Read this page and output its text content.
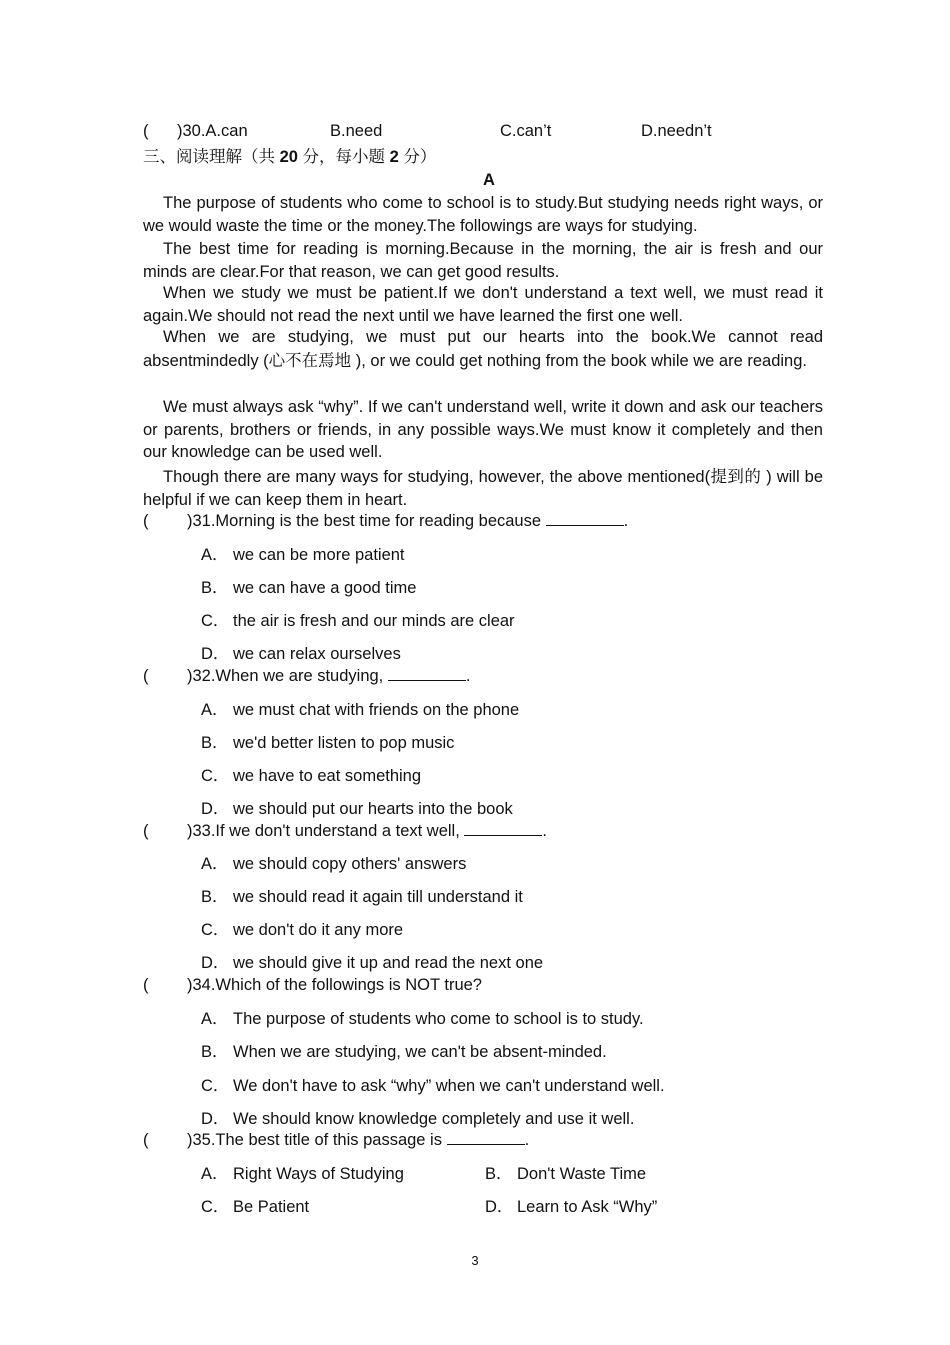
( )30.A.can	B.need	C.can’t	D.needn’t
三、阅读理解（共 20 分，每小题 2 分）
A
The purpose of students who come to school is to study.But studying needs right ways, or we would waste the time or the money.The followings are ways for studying.
The best time for reading is morning.Because in the morning, the air is fresh and our minds are clear.For that reason, we can get good results.
When we study we must be patient.If we don't understand a text well, we must read it again.We should not read the next until we have learned the first one well.
When we are studying, we must put our hearts into the book.We cannot read absentmindedly (心不在焉地 ), or we could get nothing from the book while we are reading.
We must always ask “why”. If we can't understand well, write it down and ask our teachers or parents, brothers or friends, in any possible ways.We must know it completely and then our knowledge can be used well.
Though there are many ways for studying, however, the above mentioned(提到的 ) will be helpful if we can keep them in heart.
( )31.Morning is the best time for reading because	.
A． we can be more patient
B． we can have a good time
C． the air is fresh and our minds are clear
D． we can relax ourselves
( )32.When we are studying,	.
A． we must chat with friends on the phone
B． we'd better listen to pop music
C． we have to eat something
D． we should put our hearts into the book
( )33.If we don't understand a text well,	.
A． we should copy others' answers
B． we should read it again till understand it
C． we don't do it any more
D． we should give it up and read the next one
( )34.Which of the followings is NOT true?
A． The purpose of students who come to school is to study.
B． When we are studying, we can't be absent-minded.
C． We don't have to ask “why” when we can't understand well.
D． We should know knowledge completely and use it well.
( )35.The best title of this passage is	.
A． Right Ways of Studying	B． Don't Waste Time
C． Be Patient	D． Learn to Ask “Why”
3
